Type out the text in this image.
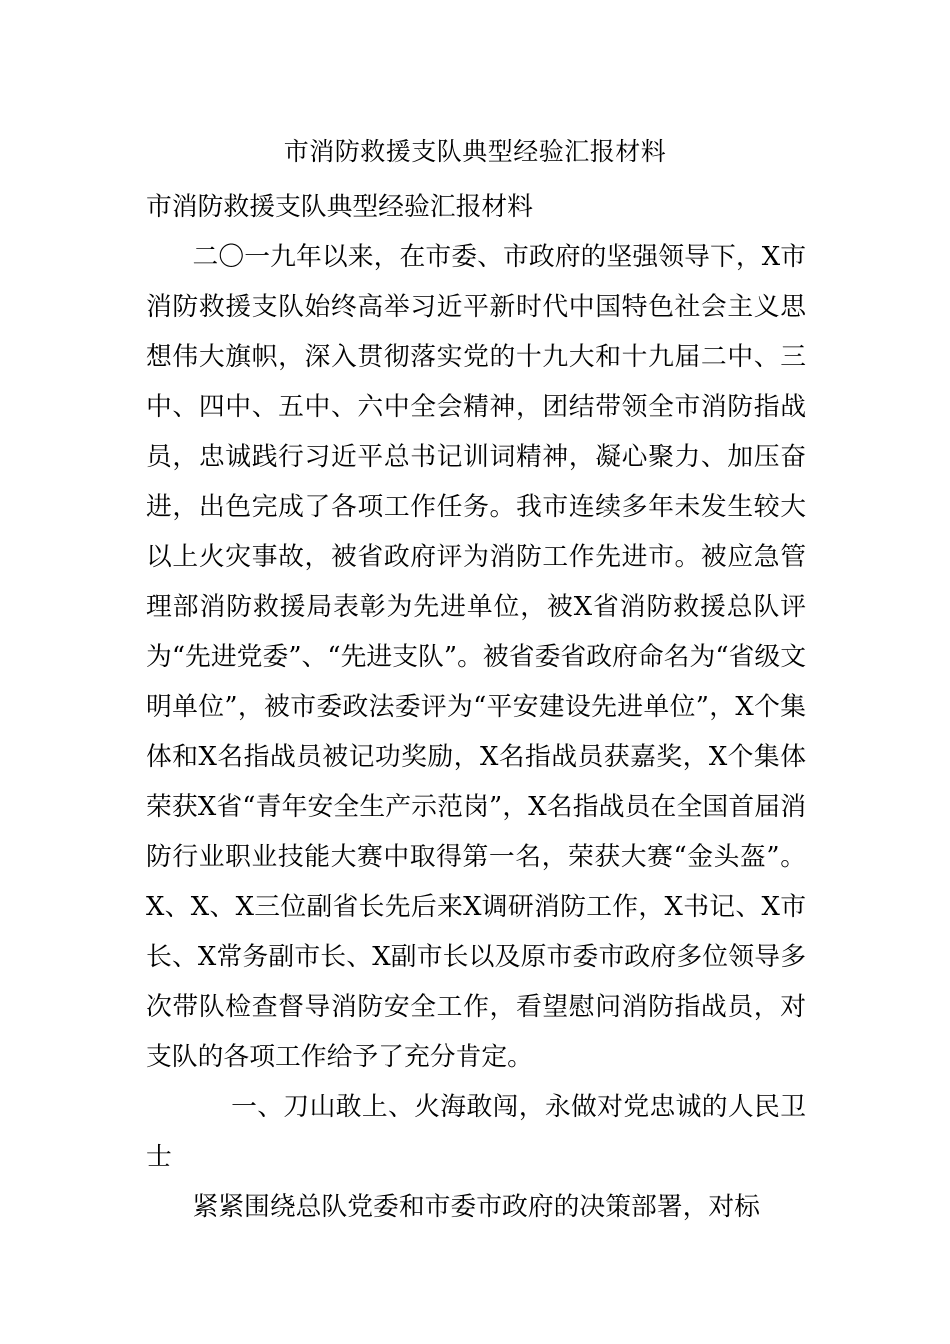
市消防救援支队典型经验汇报材料

市消防救援支队典型经验汇报材料

二〇一九年以来，在市委、市政府的坚强领导下，X市消防救援支队始终高举习近平新时代中国特色社会主义思想伟大旗帜，深入贯彻落实党的十九大和十九届二中、三中、四中、五中、六中全会精神，团结带领全市消防指战员，忠诚践行习近平总书记训词精神，凝心聚力、加压奋进，出色完成了各项工作任务。我市连续多年未发生较大以上火灾事故，被省政府评为消防工作先进市。被应急管理部消防救援局表彰为先进单位，被X省消防救援总队评为“先进党委”、“先进支队”。被省委省政府命名为“省级文明单位”，被市委政法委评为“平安建设先进单位”，X个集体和X名指战员被记功奖励，X名指战员获嘉奖，X个集体荣获X省“青年安全生产示范岗”，X名指战员在全国首届消防行业职业技能大赛中取得第一名，荣获大赛“金头盔”。X、X、X三位副省长先后来X调研消防工作，X书记、X市长、X常务副市长、X副市长以及原市委市政府多位领导多次带队检查督导消防安全工作，看望慰问消防指战员，对支队的各项工作给予了充分肯定。

一、刀山敢上、火海敢闯，永做对党忠诚的人民卫士

紧紧围绕总队党委和市委市政府的决策部署，对标
